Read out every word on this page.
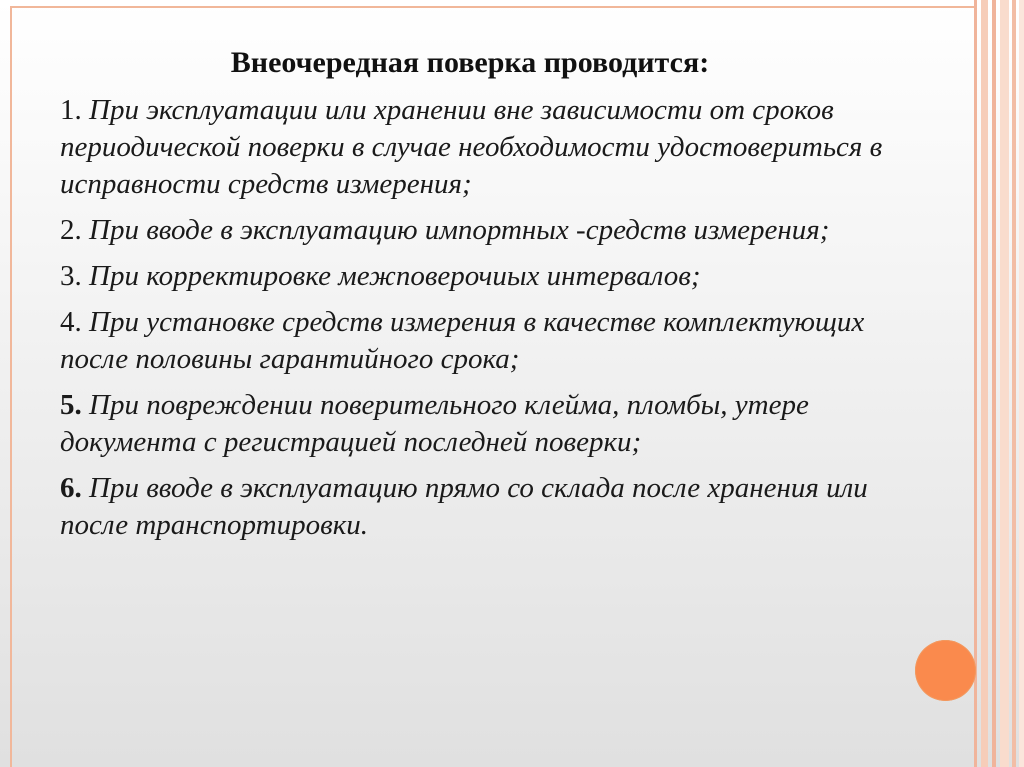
Внеочередная поверка проводится:
1. При эксплуатации или хранении вне зависимости от сроков периодической поверки в случае необходимости удостовериться в исправности средств измерения;
2. При вводе в эксплуатацию импортных -средств измерения;
3. При корректировке межповерочиых интервалов;
4. При установке средств измерения в качестве комплектующих после половины гарантийного срока;
5. При повреждении поверительного клейма, пломбы, утере документа с регистрацией последней поверки;
6. При вводе в эксплуатацию прямо со склада после хранения или после транспортировки.
